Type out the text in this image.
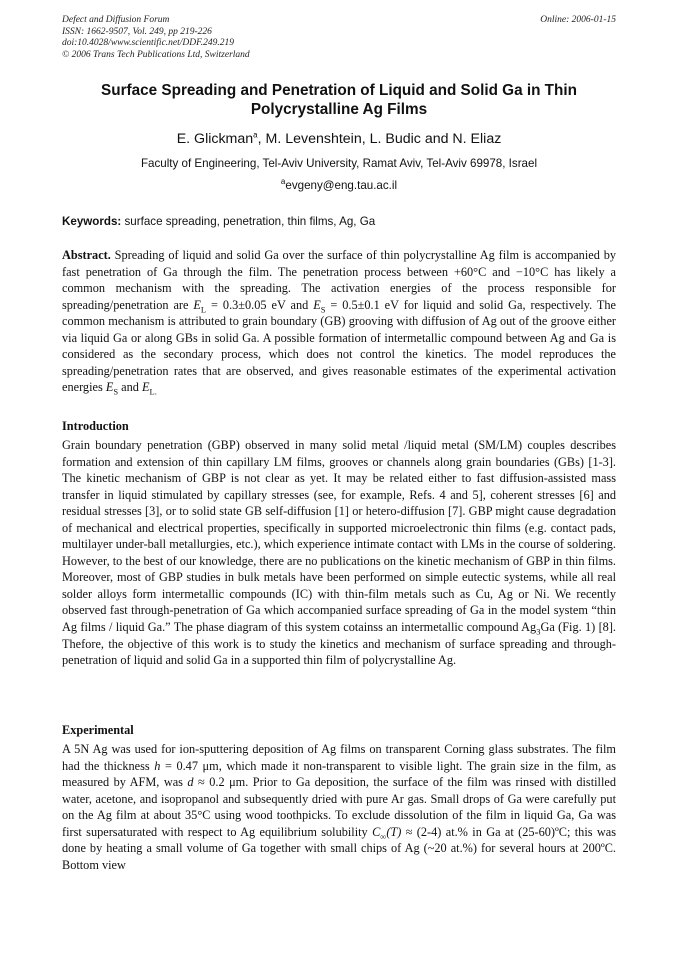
Defect and Diffusion Forum
ISSN: 1662-9507, Vol. 249, pp 219-226
doi:10.4028/www.scientific.net/DDF.249.219
© 2006 Trans Tech Publications Ltd, Switzerland
Online: 2006-01-15
Surface Spreading and Penetration of Liquid and Solid Ga in Thin
Polycrystalline Ag Films
E. Glickman$^a$, M. Levenshtein, L. Budic and N. Eliaz
Faculty of Engineering, Tel-Aviv University, Ramat Aviv, Tel-Aviv 69978, Israel
$^a$evgeny@eng.tau.ac.il
Keywords: surface spreading, penetration, thin films, Ag, Ga

Abstract. Spreading of liquid and solid Ga over the surface of thin polycrystalline Ag film is accompanied by fast penetration of Ga through the film. The penetration process between +60°C and −10°C has likely a common mechanism with the spreading. The activation energies of the process responsible for spreading/penetration are $E_L = 0.3\pm 0.05$ eV and $E_S = 0.5\pm 0.1$ eV for liquid and solid Ga, respectively. The common mechanism is attributed to grain boundary (GB) grooving with diffusion of Ag out of the groove either via liquid Ga or along GBs in solid Ga. A possible formation of intermetallic compound between Ag and Ga is considered as the secondary process, which does not control the kinetics. The model reproduces the spreading/penetration rates that are observed, and gives reasonable estimates of the experimental activation energies $E_S$ and $E_{L.}$

Introduction

Grain boundary penetration (GBP) observed in many solid metal /liquid metal (SM/LM) couples describes formation and extension of thin capillary LM films, grooves or channels along grain boundaries (GBs) [1-3]. The kinetic mechanism of GBP is not clear as yet. It may be related either to fast diffusion-assisted mass transfer in liquid stimulated by capillary stresses (see, for example, Refs. 4 and 5], coherent stresses [6] and residual stresses [3], or to solid state GB self-diffusion [1] or hetero-diffusion [7]. GBP might cause degradation of mechanical and electrical properties, specifically in supported microelectronic thin films (e.g. contact pads, multilayer under-ball metallurgies, etc.), which experience intimate contact with LMs in the course of soldering. However, to the best of our knowledge, there are no publications on the kinetic mechanism of GBP in thin films. Moreover, most of GBP studies in bulk metals have been performed on simple eutectic systems, while all real solder alloys form intermetallic compounds (IC) with thin-film metals such as Cu, Ag or Ni. We recently observed fast through-penetration of Ga which accompanied surface spreading of Ga in the model system “thin Ag films / liquid Ga.” The phase diagram of this system cotainss an intermetallic compound $Ag_3Ga$ (Fig. 1) [8]. Thefore, the objective of this work is to study the kinetics and mechanism of surface spreading and through-penetration of liquid and solid Ga in a supported thin film of polycrystalline Ag.

Experimental

A 5N Ag was used for ion-sputtering deposition of Ag films on transparent Corning glass substrates. The film had the thickness h = 0.47 μm, which made it non-transparent to visible light. The grain size in the film, as measured by AFM, was d ≈ 0.2 μm. Prior to Ga deposition, the surface of the film was rinsed with distilled water, acetone, and isopropanol and subsequently dried with pure Ar gas. Small drops of Ga were carefully put on the Ag film at about 35°C using wood toothpicks. To exclude dissolution of the film in liquid Ga, Ga was first supersaturated with respect to Ag equilibrium solubility $C_\infty(T) \approx (2-4)$ at.% in Ga at (25-60)ºC; this was done by heating a small volume of Ga together with small chips of Ag (~20 at.%) for several hours at 200ºC. Bottom view
